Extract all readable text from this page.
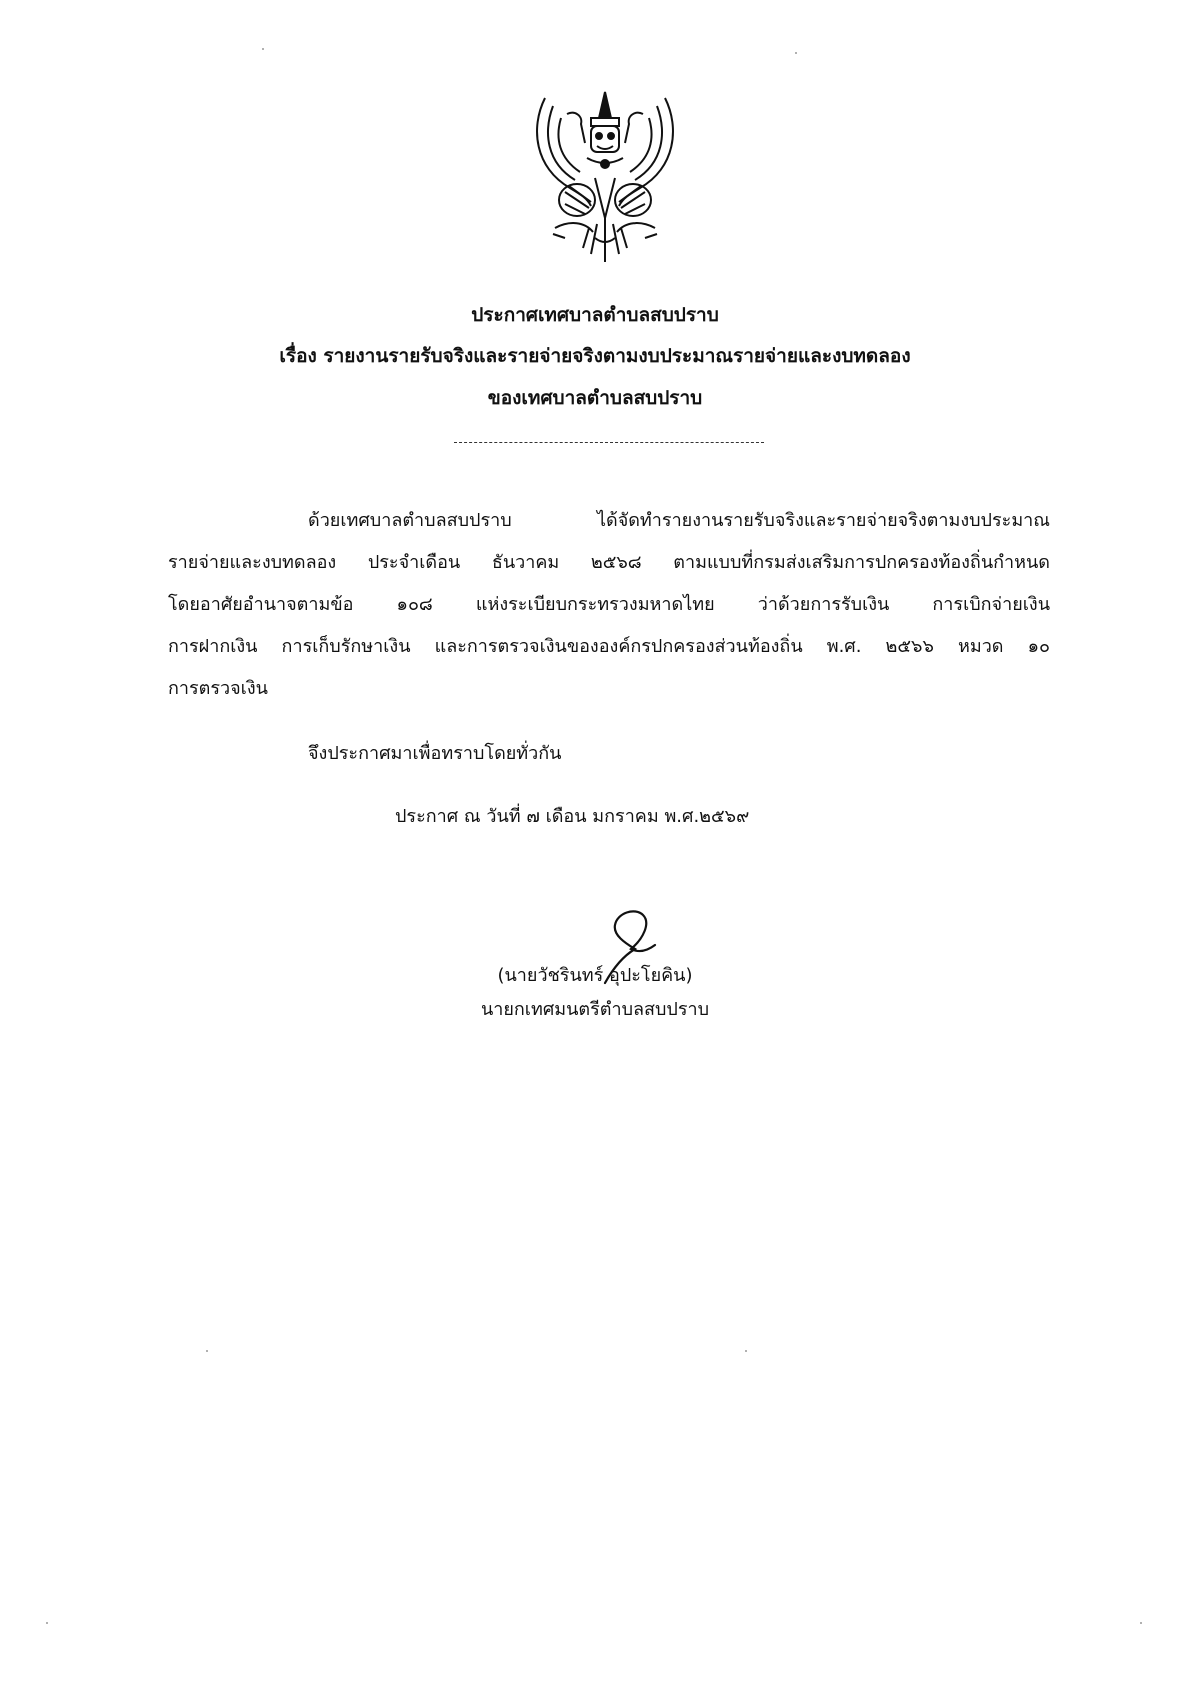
ประกาศเทศบาลตำบลสบปราบ
เรื่อง รายงานรายรับจริงและรายจ่ายจริงตามงบประมาณรายจ่ายและงบทดลอง
ของเทศบาลตำบลสบปราบ
ด้วยเทศบาลตำบลสบปราบ ได้จัดทำรายงานรายรับจริงและรายจ่ายจริงตามงบประมาณ
รายจ่ายและงบทดลอง ประจำเดือน ธันวาคม ๒๕๖๘ ตามแบบที่กรมส่งเสริมการปกครองท้องถิ่นกำหนด
โดยอาศัยอำนาจตามข้อ ๑๐๘ แห่งระเบียบกระทรวงมหาดไทย ว่าด้วยการรับเงิน การเบิกจ่ายเงิน
การฝากเงิน การเก็บรักษาเงิน และการตรวจเงินขององค์กรปกครองส่วนท้องถิ่น พ.ศ. ๒๕๖๖ หมวด ๑๐
การตรวจเงิน
จึงประกาศมาเพื่อทราบโดยทั่วกัน
ประกาศ ณ วันที่ ๗ เดือน มกราคม พ.ศ.๒๕๖๙
(นายวัชรินทร์ อุปะโยคิน)
นายกเทศมนตรีตำบลสบปราบ
